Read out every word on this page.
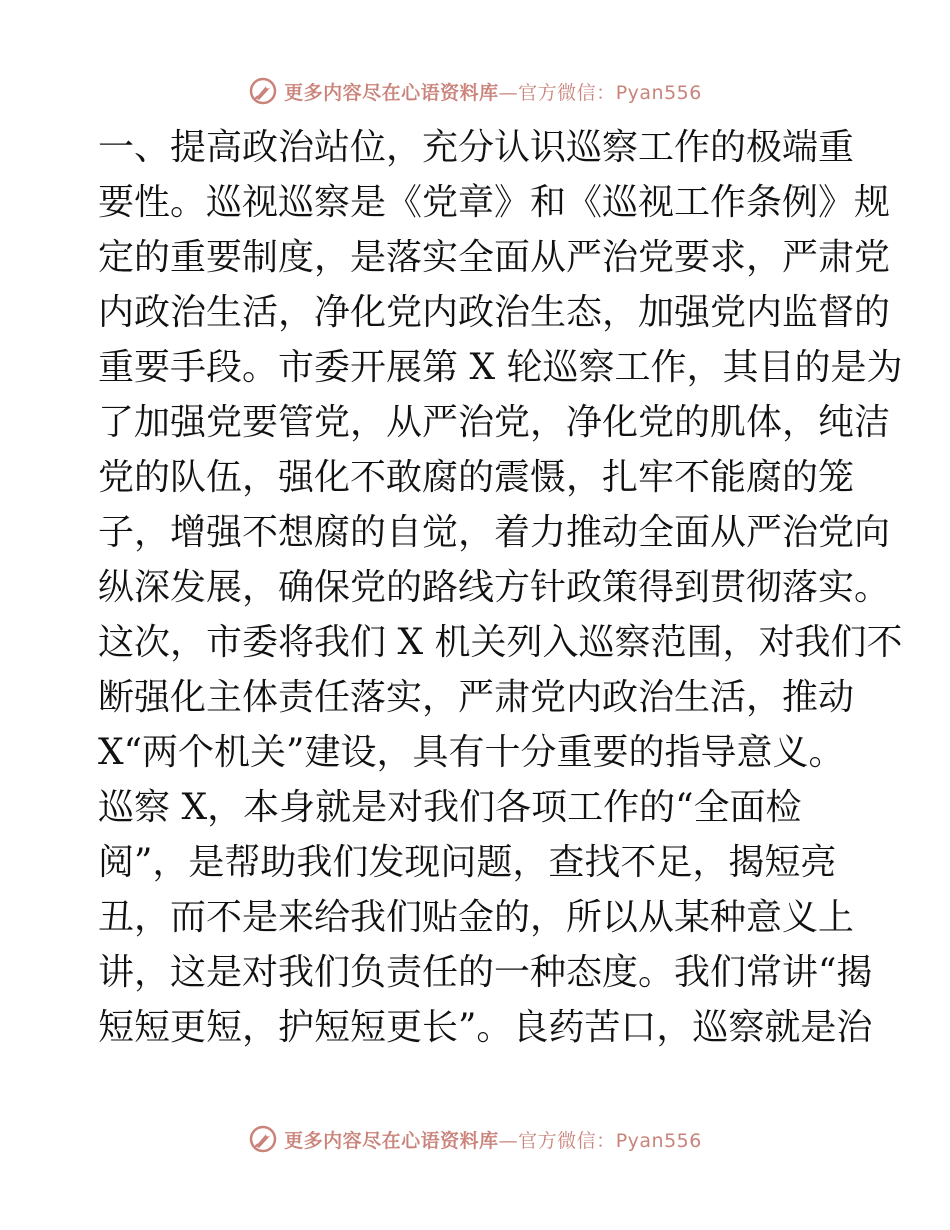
更多内容尽在心语资料库—官方微信：Pyan556
一、提高政治站位，充分认识巡察工作的极端重
要性。巡视巡察是《党章》和《巡视工作条例》规
定的重要制度，是落实全面从严治党要求，严肃党
内政治生活，净化党内政治生态，加强党内监督的
重要手段。市委开展第 X 轮巡察工作，其目的是为
了加强党要管党，从严治党，净化党的肌体，纯洁
党的队伍，强化不敢腐的震慑，扎牢不能腐的笼
子，增强不想腐的自觉，着力推动全面从严治党向
纵深发展，确保党的路线方针政策得到贯彻落实。
这次，市委将我们 X 机关列入巡察范围，对我们不
断强化主体责任落实，严肃党内政治生活，推动
X“两个机关”建设，具有十分重要的指导意义。
巡察 X，本身就是对我们各项工作的“全面检
阅”，是帮助我们发现问题，查找不足，揭短亮
丑，而不是来给我们贴金的，所以从某种意义上
讲，这是对我们负责任的一种态度。我们常讲“揭
短短更短，护短短更长”。良药苦口，巡察就是治
更多内容尽在心语资料库—官方微信：Pyan556
